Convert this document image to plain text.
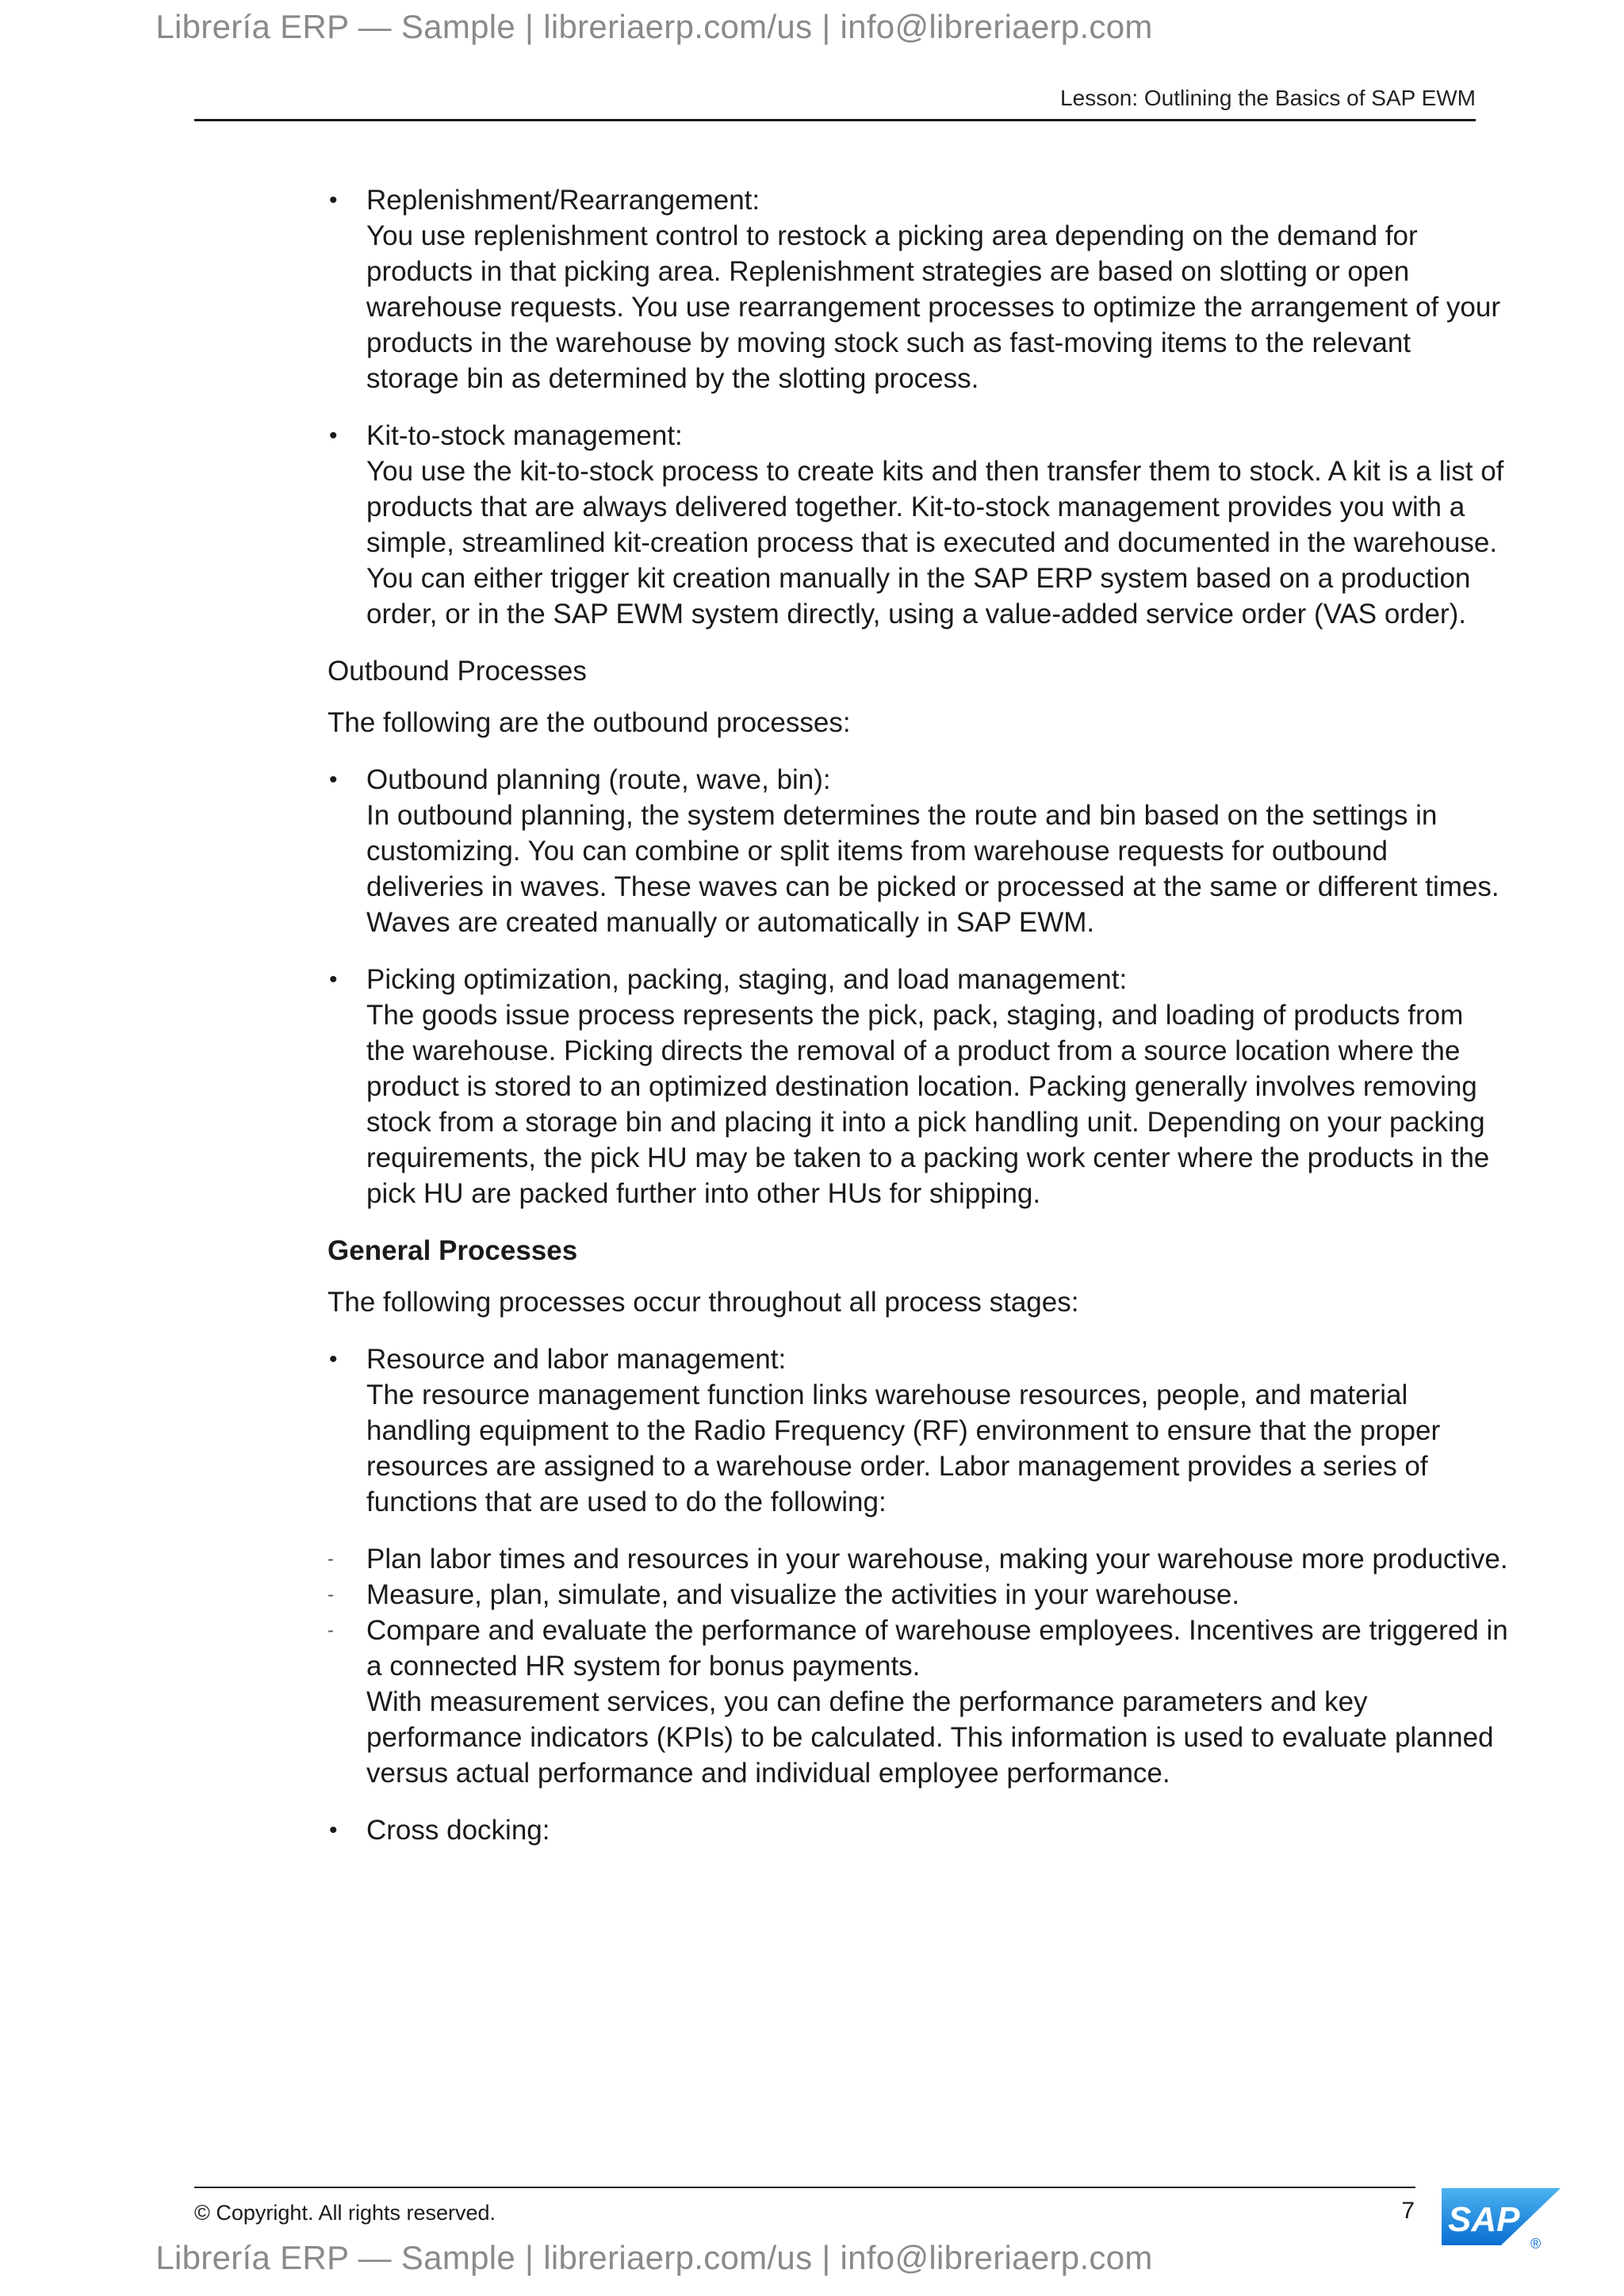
Librería ERP — Sample | libreriaerp.com/us | info@libreriaerp.com
Lesson: Outlining the Basics of SAP EWM

• Replenishment/Rearrangement:

You use replenishment control to restock a picking area depending on the demand for products in that picking area. Replenishment strategies are based on slotting or open warehouse requests. You use rearrangement processes to optimize the arrangement of your products in the warehouse by moving stock such as fast-moving items to the relevant storage bin as determined by the slotting process.

• Kit-to-stock management:

You use the kit-to-stock process to create kits and then transfer them to stock. A kit is a list of products that are always delivered together. Kit-to-stock management provides you with a simple, streamlined kit-creation process that is executed and documented in the warehouse. You can either trigger kit creation manually in the SAP ERP system based on a production order, or in the SAP EWM system directly, using a value-added service order (VAS order).

Outbound Processes

The following are the outbound processes:

• Outbound planning (route, wave, bin):

In outbound planning, the system determines the route and bin based on the settings in customizing. You can combine or split items from warehouse requests for outbound deliveries in waves. These waves can be picked or processed at the same or different times. Waves are created manually or automatically in SAP EWM.

• Picking optimization, packing, staging, and load management:

The goods issue process represents the pick, pack, staging, and loading of products from the warehouse. Picking directs the removal of a product from a source location where the product is stored to an optimized destination location. Packing generally involves removing stock from a storage bin and placing it into a pick handling unit. Depending on your packing requirements, the pick HU may be taken to a packing work center where the products in the pick HU are packed further into other HUs for shipping.

General Processes

The following processes occur throughout all process stages:

• Resource and labor management:

The resource management function links warehouse resources, people, and material handling equipment to the Radio Frequency (RF) environment to ensure that the proper resources are assigned to a warehouse order. Labor management provides a series of functions that are used to do the following:

- Plan labor times and resources in your warehouse, making your warehouse more productive.

- Measure, plan, simulate, and visualize the activities in your warehouse.

- Compare and evaluate the performance of warehouse employees. Incentives are triggered in a connected HR system for bonus payments.

With measurement services, you can define the performance parameters and key performance indicators (KPIs) to be calculated. This information is used to evaluate planned versus actual performance and individual employee performance.

• Cross docking:

© Copyright. All rights reserved.	7 SAP
®
Librería ERP — Sample | libreriaerp.com/us | info@libreriaerp.com
